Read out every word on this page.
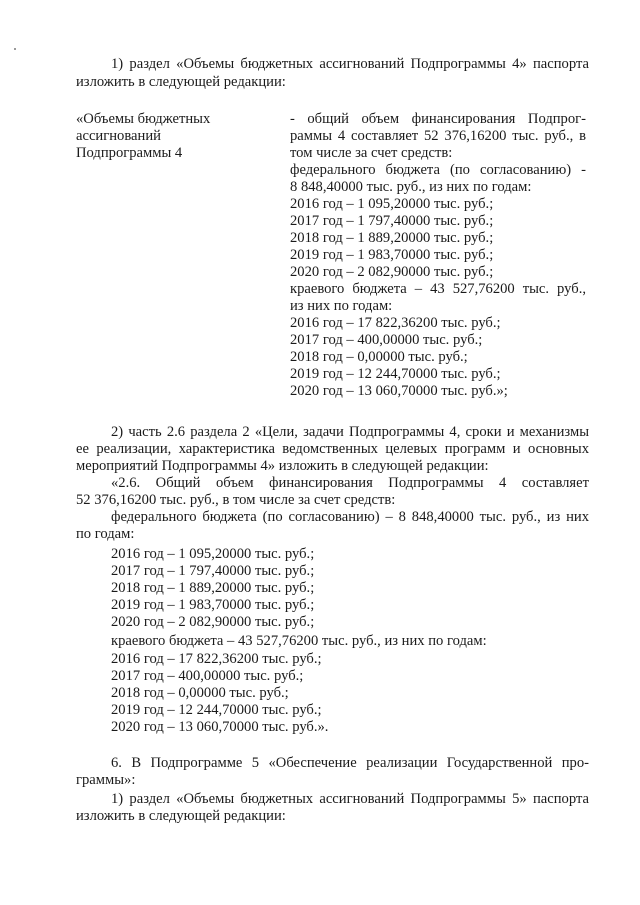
1) раздел «Объемы бюджетных ассигнований Подпрограммы 4» паспорта
изложить в следующей редакции:
«Объемы бюджетных
ассигнований
Подпрограммы 4
- общий объем финансирования Подпрог-
раммы 4 составляет 52 376,16200 тыс. руб., в
том числе за счет средств:
федерального бюджета (по согласованию) -
8 848,40000 тыс. руб., из них по годам:
2016 год – 1 095,20000 тыс. руб.;
2017 год – 1 797,40000 тыс. руб.;
2018 год – 1 889,20000 тыс. руб.;
2019 год – 1 983,70000 тыс. руб.;
2020 год – 2 082,90000 тыс. руб.;
краевого бюджета – 43 527,76200 тыс. руб.,
из них по годам:
2016 год – 17 822,36200 тыс. руб.;
2017 год – 400,00000 тыс. руб.;
2018 год – 0,00000 тыс. руб.;
2019 год – 12 244,70000 тыс. руб.;
2020 год – 13 060,70000 тыс. руб.»;
2) часть 2.6 раздела 2 «Цели, задачи Подпрограммы 4, сроки и механизмы
ее реализации, характеристика ведомственных целевых программ и основных
мероприятий Подпрограммы 4» изложить в следующей редакции:
«2.6. Общий объем финансирования Подпрограммы 4 составляет
52 376,16200 тыс. руб., в том числе за счет средств:
федерального бюджета (по согласованию) – 8 848,40000 тыс. руб., из них
по годам:
2016 год – 1 095,20000 тыс. руб.;
2017 год – 1 797,40000 тыс. руб.;
2018 год – 1 889,20000 тыс. руб.;
2019 год – 1 983,70000 тыс. руб.;
2020 год – 2 082,90000 тыс. руб.;
краевого бюджета – 43 527,76200 тыс. руб., из них по годам:
2016 год – 17 822,36200 тыс. руб.;
2017 год – 400,00000 тыс. руб.;
2018 год – 0,00000 тыс. руб.;
2019 год – 12 244,70000 тыс. руб.;
2020 год – 13 060,70000 тыс. руб.».
6. В Подпрограмме 5 «Обеспечение реализации Государственной про-
граммы»:
1) раздел «Объемы бюджетных ассигнований Подпрограммы 5» паспорта
изложить в следующей редакции:
